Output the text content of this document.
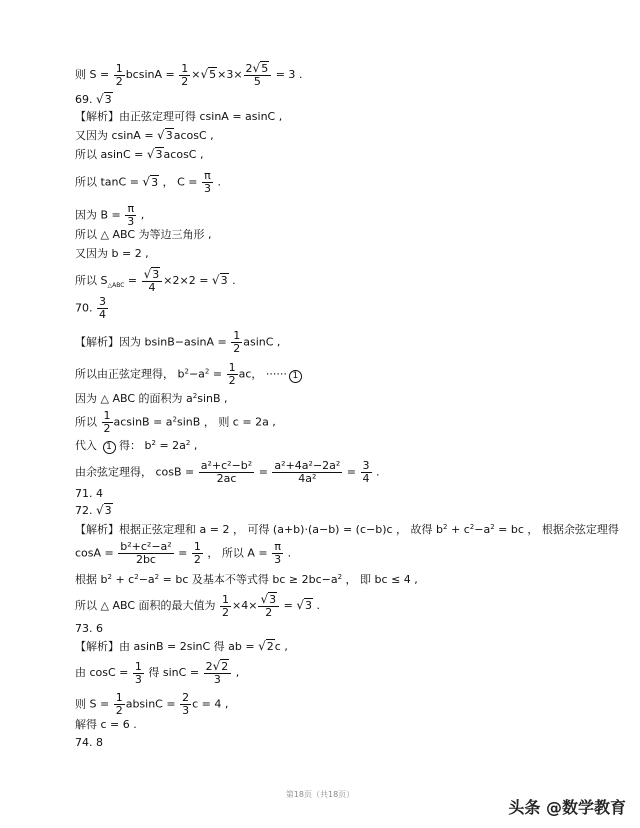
则 $S = \frac{1}{2}$ $bcsinA = \frac{1}{2} \times√5\times 3\times \frac{2√5}{5} = 3$ .
69. √3
【解析】由正弦定理可得 csinA = asinC ,
又因为 csinA = √3acosC ,
所以 asinC = √3acosC ,
所以 tanC = √3 ， $C = \frac{\pi}{3}$ .
因为 $B = \frac{\pi}{3}$ ,
所以 △ ABC 为等边三角形 ,
又因为 b = 2 ,
所以 $S_{\triangle ABC} = \frac{√3}{4} \times 2\times 2 = √3$ .
70. $\frac{3}{4}$
【解析】因为 $bsinB-asinA = \frac{1}{2}$ asinC ,
所以由正弦定理得， $b^2-a^2 = \frac{1}{2}$ ac， ······ 1
因为 △ ABC 的面积为 $a^2\sin B$ ,
所以 $\frac{1}{2}$ $acsinB = a^2\sin B$ ， 则 c = 2a ,
代入 1 得： $b^2 = 2a^2$ ,
由余弦定理得， $\cos B = \frac{\text{a²+c²−b²}}{2ac} = \frac{\text{a²+4a²−2a²}}{\text{4a²}} = \frac{3}{4}$ .
71. 4
72. √3
【解析】根据正弦定理和 a = 2 ， 可得 (a+b)·(a−b) = (c−b)c ， 故得 $b^2 + c^2-a^2$ = bc ， 根据余弦定理得
$\cos A = \frac{\text{b²+c²−a²}}{2bc} = \frac{1}{2}$ ， 所以 $A = \frac{\pi}{3}$ .
根据 $b^2 + c^2-a^2$ = bc 及基本不等式得 bc ≥ $2bc-a^2$ ， 即 bc ≤ 4 ,
所以 △ ABC 面积的最大值为 $\frac{1}{2} \times 4\times \frac{√3}{2} = √3$ .
73. 6
【解析】由 asinB = 2sinC 得 ab = √2c ,
由 $\cos C = \frac{1}{3}$ 得 $\sin C = \frac{2√2}{3}$ ,
则 $S = \frac{1}{2}$ $absinC = \frac{2}{3}$ c = 4 ,
解得 c = 6 .
74. 8
第18页（共18页）
头条 @数学教育
